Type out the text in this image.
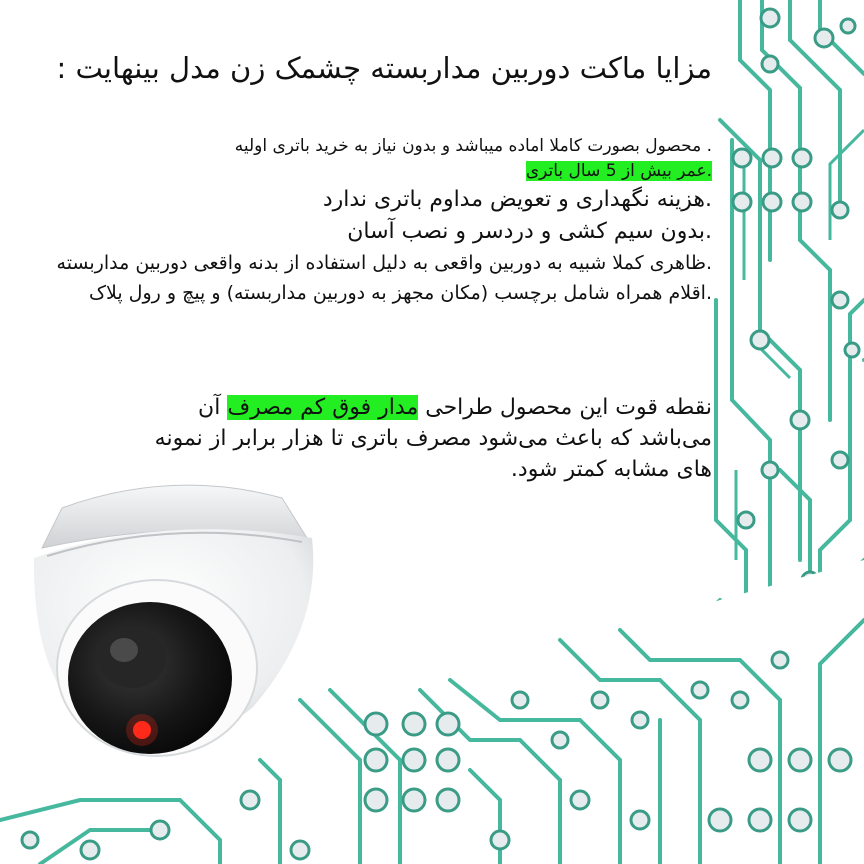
مزایا ماکت دوربین مداربسته چشمک زن مدل بینهایت :
. محصول بصورت کاملا اماده میباشد و بدون نیاز به خرید باتری اولیه
.عمر بیش از 5 سال باتری
.هزینه نگهداری و تعویض مداوم باتری ندارد
.بدون سیم کشی و دردسر و نصب آسان
.ظاهری کملا شبیه به دوربین واقعی به دلیل استفاده از بدنه واقعی دوربین مداربسته
.اقلام همراه شامل برچسب (مکان مجهز به دوربین مداربسته) و پیچ و رول پلاک
نقطه قوت این محصول طراحی مدار فوق کم مصرف آن می‌باشد که باعث می‌شود مصرف باتری تا هزار برابر از نمونه های مشابه کمتر شود.
